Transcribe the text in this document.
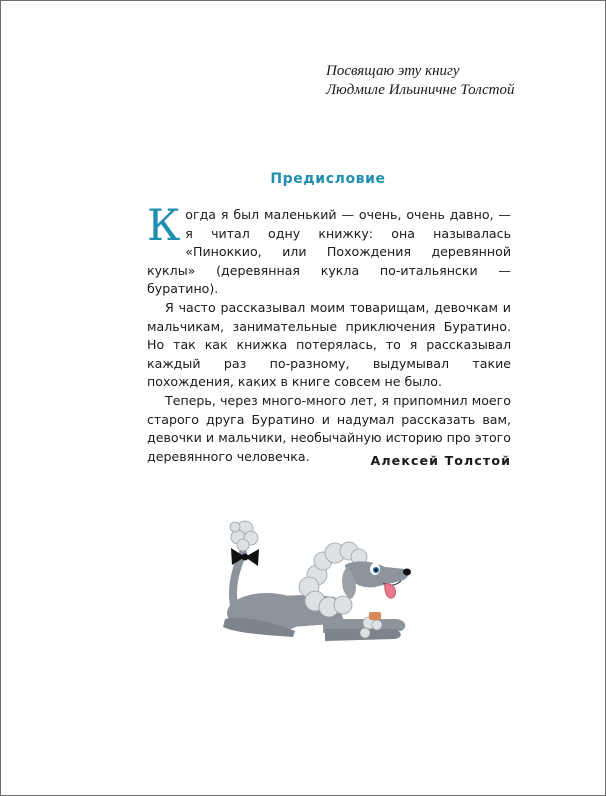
Посвящаю эту книгу
Людмиле Ильиничне Толстой
Предисловие

Когда я был маленький — очень, очень давно, — я читал одну книжку: она называлась «Пиноккио, или Похождения деревянной куклы» (деревянная кукла по-итальянски — буратино).

Я часто рассказывал моим товарищам, девочкам и мальчикам, занимательные приключения Буратино. Но так как книжка потерялась, то я рассказывал каждый раз по-разному, выдумывал такие похождения, каких в книге совсем не было.

Теперь, через много-много лет, я припомнил моего старого друга Буратино и надумал рассказать вам, девочки и мальчики, необычайную историю про этого деревянного человечка.	Алексей Толстой
